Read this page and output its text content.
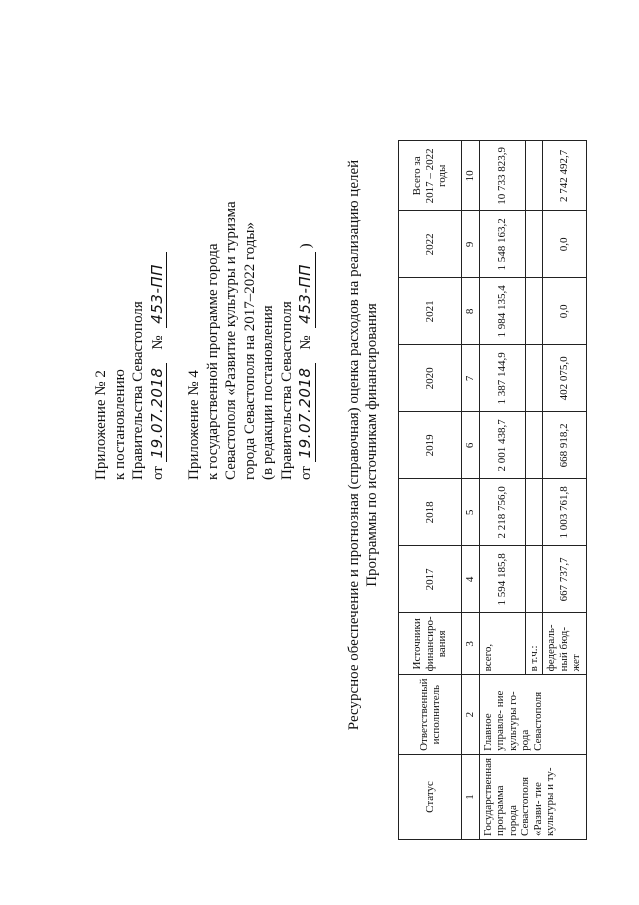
Приложение № 2 к постановлению Правительства Севастополя от 19.07.2018 № 453-ПП
Приложение № 4 к государственной программе города Севастополя «Развитие культуры и туризма города Севастополя на 2017–2022 годы» (в редакции постановления Правительства Севастополя от 19.07.2018 № 453-ПП ) Ресурсное обеспечение и прогнозная (справочная) оценка расходов на реализацию целей Программы по источникам финансирования
Статус	Ответственный исполнитель	Источники финансиро- вания	2017	2018	2019	2020	2021	2022	Всего за 2017 – 2022 годы
1	2	3	4	5	6	7	8	9	10
Государственная программа города Севастополя «Разви- тие культуры и ту-	Главное управле- ние культуры го- рода Севастополя	всего,	1 594 185,8	2 218 756,0	2 001 438,7	1 387 144,9	1 984 135,4	1 548 163,2	10 733 823,9
		в т.ч.:							
		федераль- ный бюд- жет	667 737,7	1 003 761,8	668 918,2	402 075,0	0,0	0,0	2 742 492,7
